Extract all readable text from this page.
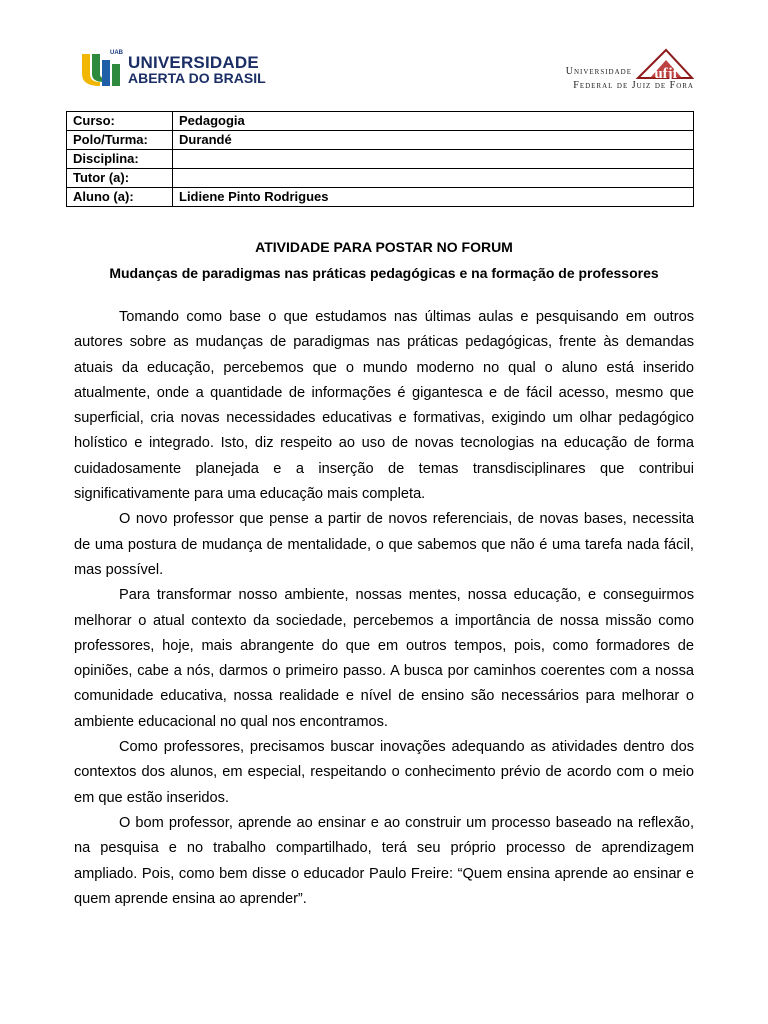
UAB UNIVERSIDADE
ABERTA DO BRASIL	ufjf
Universidade
Federal de Juiz de Fora
Curso:	Pedagogia
Polo/Turma:	Durandé
Disciplina:	
Tutor (a):	
Aluno (a):	Lidiene Pinto Rodrigues
ATIVIDADE PARA POSTAR NO FORUM
Mudanças de paradigmas nas práticas pedagógicas e na formação de professores

Tomando como base o que estudamos nas últimas aulas e pesquisando em outros autores sobre as mudanças de paradigmas nas práticas pedagógicas, frente às demandas atuais da educação, percebemos que o mundo moderno no qual o aluno está inserido atualmente, onde a quantidade de informações é gigantesca e de fácil acesso, mesmo que superficial, cria novas necessidades educativas e formativas, exigindo um olhar pedagógico holístico e integrado. Isto, diz respeito ao uso de novas tecnologias na educação de forma cuidadosamente planejada e a inserção de temas transdisciplinares que contribui significativamente para uma educação mais completa.

O novo professor que pense a partir de novos referenciais, de novas bases, necessita de uma postura de mudança de mentalidade, o que sabemos que não é uma tarefa nada fácil, mas possível.

Para transformar nosso ambiente, nossas mentes, nossa educação, e conseguirmos melhorar o atual contexto da sociedade, percebemos a importância de nossa missão como professores, hoje, mais abrangente do que em outros tempos, pois, como formadores de opiniões, cabe a nós, darmos o primeiro passo. A busca por caminhos coerentes com a nossa comunidade educativa, nossa realidade e nível de ensino são necessários para melhorar o ambiente educacional no qual nos encontramos.

Como professores, precisamos buscar inovações adequando as atividades dentro dos contextos dos alunos, em especial, respeitando o conhecimento prévio de acordo com o meio em que estão inseridos.

O bom professor, aprende ao ensinar e ao construir um processo baseado na reflexão, na pesquisa e no trabalho compartilhado, terá seu próprio processo de aprendizagem ampliado. Pois, como bem disse o educador Paulo Freire: “Quem ensina aprende ao ensinar e quem aprende ensina ao aprender”.
